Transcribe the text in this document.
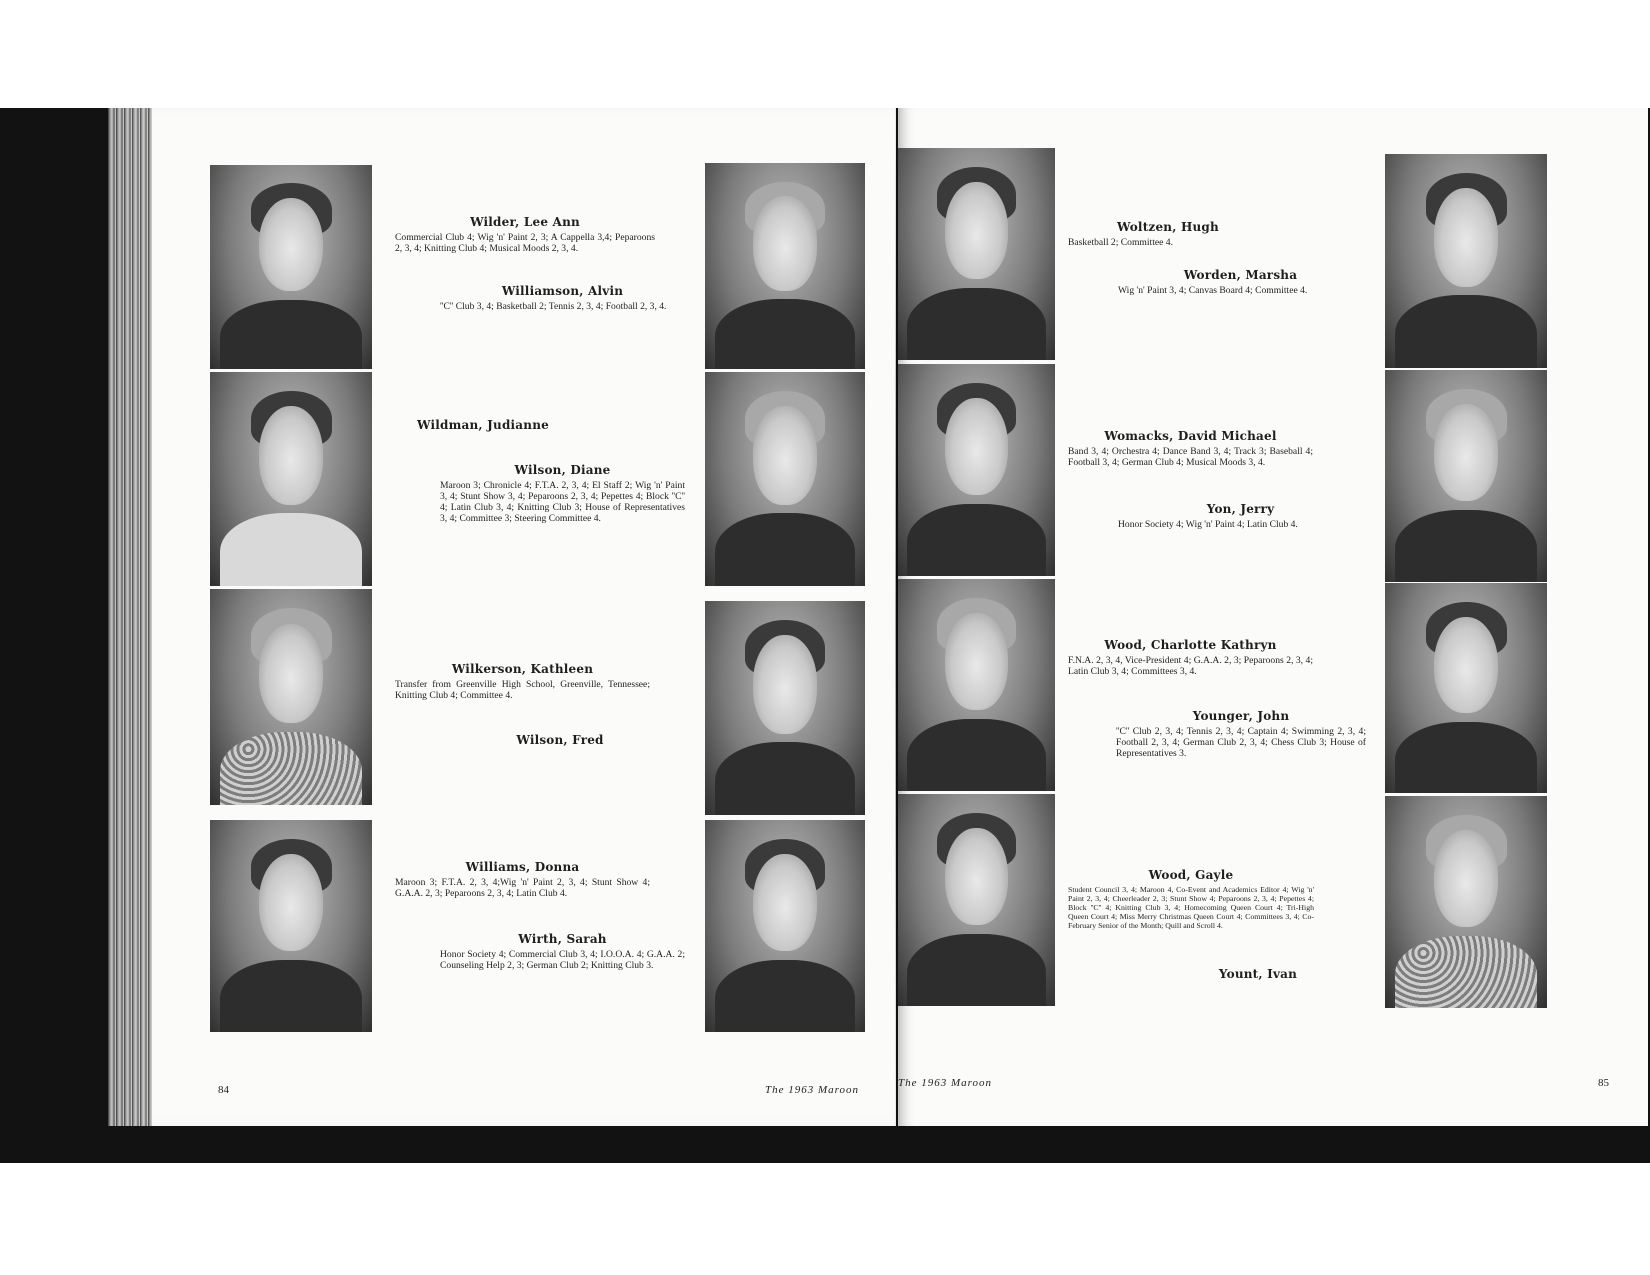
Wilder, Lee Ann
Commercial Club 4; Wig 'n' Paint 2, 3; A Cappella 3,4; Peparoons 2, 3, 4; Knitting Club 4; Musical Moods 2, 3, 4.
Williamson, Alvin
''C'' Club 3, 4; Basketball 2; Tennis 2, 3, 4; Football 2, 3, 4.
Wildman, Judianne
Wilson, Diane
Maroon 3; Chronicle 4; F.T.A. 2, 3, 4; El Staff 2; Wig 'n' Paint 3, 4; Stunt Show 3, 4; Peparoons 2, 3, 4; Pepettes 4; Block ''C'' 4; Latin Club 3, 4; Knitting Club 3; House of Representatives 3, 4; Committee 3; Steering Committee 4.
Wilkerson, Kathleen
Transfer from Greenville High School, Greenville, Tennessee; Knitting Club 4; Committee 4.
Wilson, Fred
Williams, Donna
Maroon 3; F.T.A. 2, 3, 4;Wig 'n' Paint 2, 3, 4; Stunt Show 4; G.A.A. 2, 3; Peparoons 2, 3, 4; Latin Club 4.
Wirth, Sarah
Honor Society 4; Commercial Club 3, 4; I.O.O.A. 4; G.A.A. 2; Counseling Help 2, 3; German Club 2; Knitting Club 3.
84	The 1963 Maroon
Woltzen, Hugh
Basketball 2; Committee 4.
Worden, Marsha
Wig 'n' Paint 3, 4; Canvas Board 4; Committee 4.
Womacks, David Michael
Band 3, 4; Orchestra 4; Dance Band 3, 4; Track 3; Baseball 4; Football 3, 4; German Club 4; Musical Moods 3, 4.
Yon, Jerry
Honor Society 4; Wig 'n' Paint 4; Latin Club 4.
Wood, Charlotte Kathryn
F.N.A. 2, 3, 4, Vice-President 4; G.A.A. 2, 3; Peparoons 2, 3, 4; Latin Club 3, 4; Committees 3, 4.
Younger, John
''C'' Club 2, 3, 4; Tennis 2, 3, 4; Captain 4; Swimming 2, 3, 4; Football 2, 3, 4; German Club 2, 3, 4; Chess Club 3; House of Representatives 3.
Wood, Gayle
Student Council 3, 4; Maroon 4, Co-Event and Academics Editor 4; Wig 'n' Paint 2, 3, 4; Cheerleader 2, 3; Stunt Show 4; Peparoons 2, 3, 4; Pepettes 4; Block ''C'' 4; Knitting Club 3, 4; Homecoming Queen Court 4; Tri-High Queen Court 4; Miss Merry Christmas Queen Court 4; Committees 3, 4; Co-February Senior of the Month; Quill and Scroll 4.
Yount, Ivan
The 1963 Maroon	85
